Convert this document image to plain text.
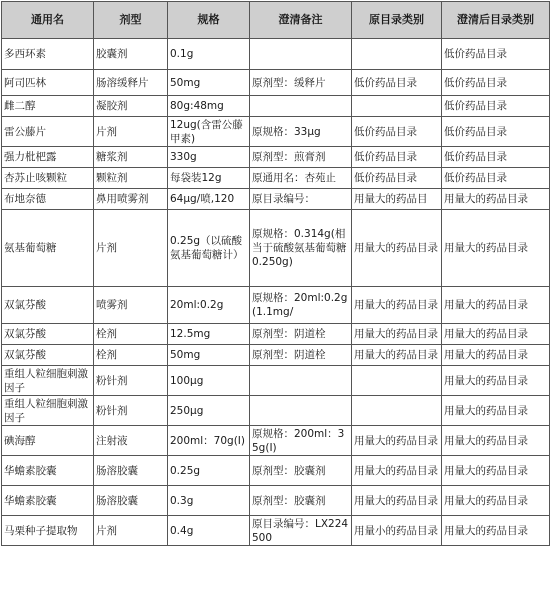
通用名	剂型	规格	澄清备注	原目录类别	澄清后目录类别
多西环素	胶囊剂	0.1g			低价药品目录
阿司匹林	肠溶缓释片	50mg	原剂型：缓释片	低价药品目录	低价药品目录
雌二醇	凝胶剂	80g:48mg			低价药品目录
雷公藤片	片剂	12ug(含雷公藤甲素)	原规格：33µg	低价药品目录	低价药品目录
强力枇杷露	糖浆剂	330g	原剂型：煎膏剂	低价药品目录	低价药品目录
杏苏止咳颗粒	颗粒剂	每袋装12g	原通用名：杏苑止	低价药品目录	低价药品目录
布地奈德	鼻用喷雾剂	64μg/喷,120	原目录编号：	用量大的药品目	用量大的药品目录
氨基葡萄糖	片剂	0.25g（以硫酸氨基葡萄糖计）	原规格：0.314g(相当于硫酸氨基葡萄糖0.250g)	用量大的药品目录	用量大的药品目录
双氯芬酸	喷雾剂	20ml:0.2g	原规格：20ml:0.2g(1.1mg/	用量大的药品目录	用量大的药品目录
双氯芬酸	栓剂	12.5mg	原剂型：阴道栓	用量大的药品目录	用量大的药品目录
双氯芬酸	栓剂	50mg	原剂型：阴道栓	用量大的药品目录	用量大的药品目录
重组人粒细胞刺激因子	粉针剂	100μg			用量大的药品目录
重组人粒细胞刺激因子	粉针剂	250μg			用量大的药品目录
碘海醇	注射液	200ml：70g(I)	原规格：200ml：35g(I)	用量大的药品目录	用量大的药品目录
华蟾素胶囊	肠溶胶囊	0.25g	原剂型：胶囊剂	用量大的药品目录	用量大的药品目录
华蟾素胶囊	肠溶胶囊	0.3g	原剂型：胶囊剂	用量大的药品目录	用量大的药品目录
马栗种子提取物	片剂	0.4g	原目录编号：LX224500	用量小的药品目录	用量大的药品目录
